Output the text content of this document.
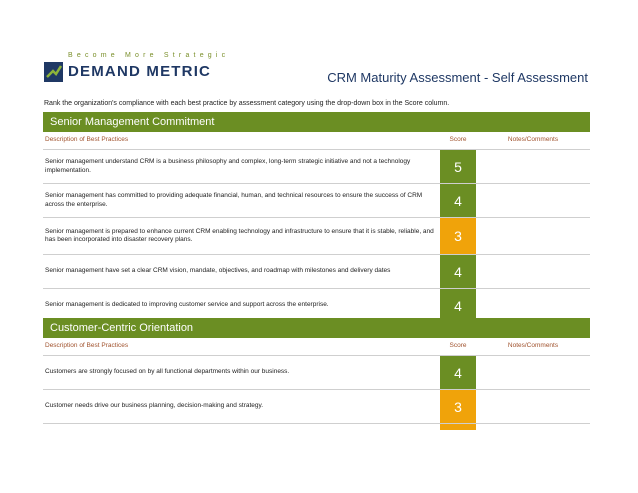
Become More Strategic
DEMAND METRIC	CRM Maturity Assessment - Self Assessment
Rank the organization's compliance with each best practice by assessment category using the drop-down box in the Score column.
Senior Management Commitment
Description of Best Practices	Score	Notes/Comments
Senior management understand CRM is a business philosophy and complex, long-term strategic initiative and not a technology implementation.	5
Senior management has committed to providing adequate financial, human, and technical resources to ensure the success of CRM across the enterprise.	4
Senior management is prepared to enhance current CRM enabling technology and infrastructure to ensure that it is stable, reliable, and has been incorporated into disaster recovery plans.	3
Senior management have set a clear CRM vision, mandate, objectives, and roadmap with milestones and delivery dates	4
Senior management is dedicated to improving customer service and support across the enterprise.	4
Customer-Centric Orientation
Description of Best Practices	Score	Notes/Comments
Customers are strongly focused on by all functional departments within our business.	4
Customer needs drive our business planning, decision-making and strategy.	3
